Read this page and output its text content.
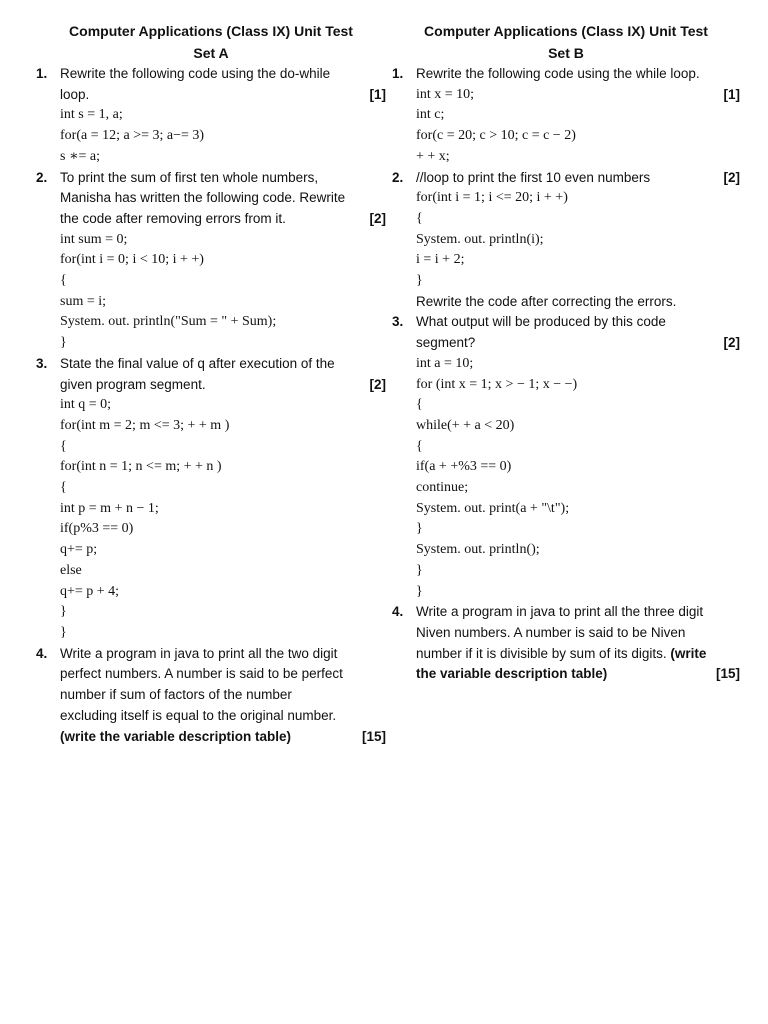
Computer Applications (Class IX) Unit Test
Set A
1. Rewrite the following code using the do-while
loop.	[1]
int s = 1, a;
for(a = 12; a >= 3; a−= 3)
s ∗= a;
2. To print the sum of first ten whole numbers,
Manisha has written the following code. Rewrite
the code after removing errors from it.	[2]
int sum = 0;
for(int i = 0; i < 10; i + +)
{
sum = i;
System. out. println("Sum = " + Sum);
}
3. State the final value of q after execution of the
given program segment.	[2]
int q = 0;
for(int m = 2; m <= 3; + + m )
{
for(int n = 1; n <= m; + + n )
{
int p = m + n − 1;
if(p%3 == 0)
q+= p;
else
q+= p + 4;
}
}
4. Write a program in java to print all the two digit
perfect numbers. A number is said to be perfect
number if sum of factors of the number
excluding itself is equal to the original number.
(write the variable description table)	[15]
Computer Applications (Class IX) Unit Test
Set B
1. Rewrite the following code using the while loop.
int x = 10;	[1]
int c;
for(c = 20; c > 10; c = c − 2)
+ + x;
2. //loop to print the first 10 even numbers	[2]
for(int i = 1; i <= 20; i + +)
{
System. out. println(i);
i = i + 2;
}
Rewrite the code after correcting the errors.
3. What output will be produced by this code
segment?	[2]
int a = 10;
for (int x = 1; x > − 1; x − −)
{
while(+ + a < 20)
{
if(a + +%3 == 0)
continue;
System. out. print(a + "\t");
}
System. out. println();
}
}
4. Write a program in java to print all the three digit
Niven numbers. A number is said to be Niven
number if it is divisible by sum of its digits. (write
the variable description table)	[15]
